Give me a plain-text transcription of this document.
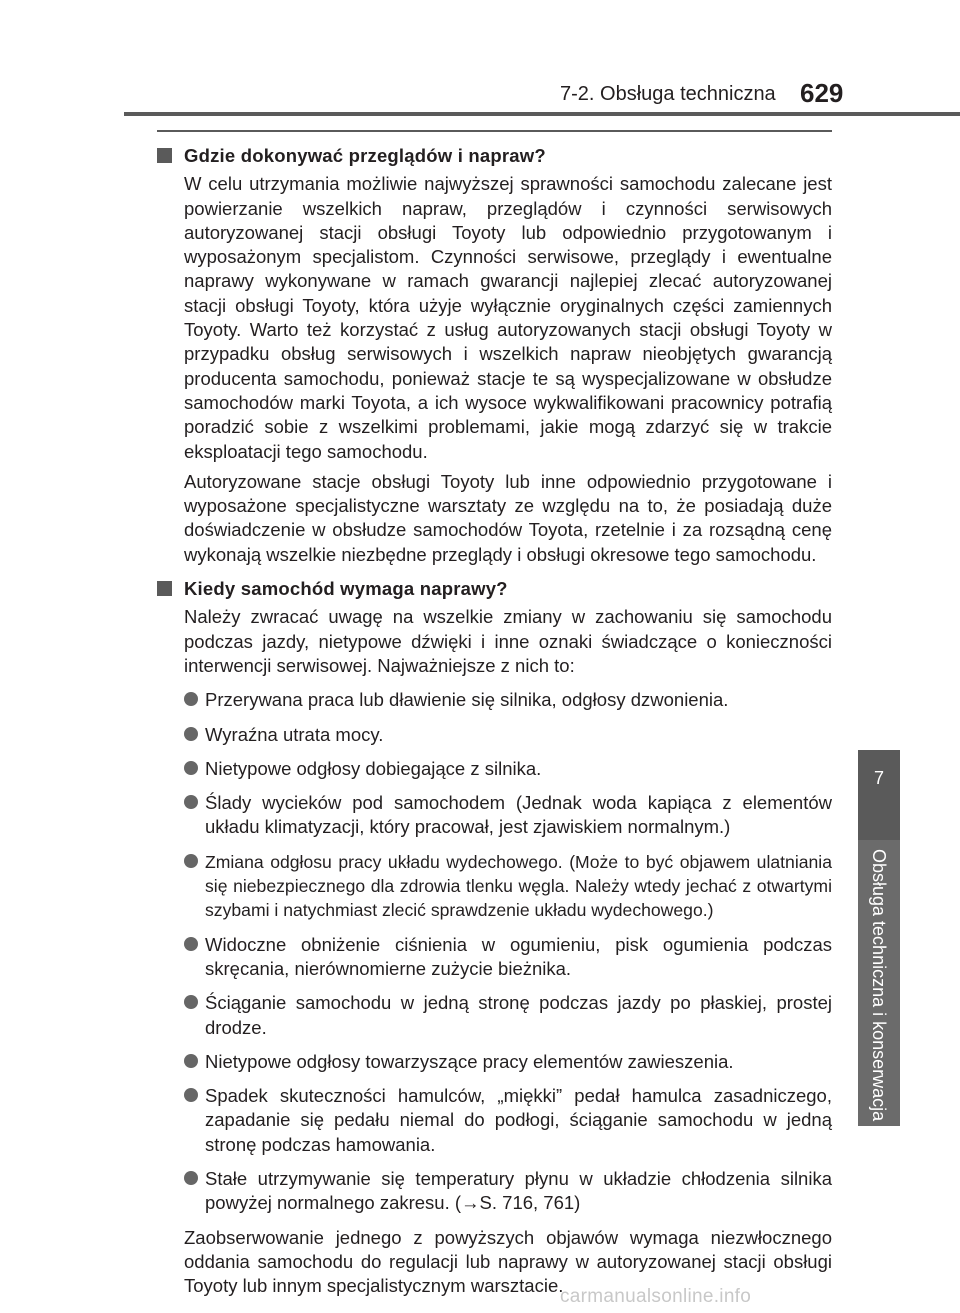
7-2. Obsługa techniczna 629
7
Obsługa techniczna i konserwacja
Gdzie dokonywać przeglądów i napraw?

W celu utrzymania możliwie najwyższej sprawności samochodu zalecane jest powierzanie wszelkich napraw, przeglądów i czynności serwisowych autoryzowanej stacji obsługi Toyoty lub odpowiednio przygotowanym i wyposażonym specjalistom. Czynności serwisowe, przeglądy i ewentualne naprawy wykonywane w ramach gwarancji najlepiej zlecać autoryzowanej stacji obsługi Toyoty, która użyje wyłącznie oryginalnych części zamiennych Toyoty. Warto też korzystać z usług autoryzowanych stacji obsługi Toyoty w przypadku obsług serwisowych i wszelkich napraw nieobjętych gwarancją producenta samochodu, ponieważ stacje te są wyspecjalizowane w obsłudze samochodów marki Toyota, a ich wysoce wykwalifikowani pracownicy potrafią poradzić sobie z wszelkimi problemami, jakie mogą zdarzyć się w trakcie eksploatacji tego samochodu.

Autoryzowane stacje obsługi Toyoty lub inne odpowiednio przygotowane i wyposażone specjalistyczne warsztaty ze względu na to, że posiadają duże doświadczenie w obsłudze samochodów Toyota, rzetelnie i za rozsądną cenę wykonają wszelkie niezbędne przeglądy i obsługi okresowe tego samochodu.

Kiedy samochód wymaga naprawy?

Należy zwracać uwagę na wszelkie zmiany w zachowaniu się samochodu podczas jazdy, nietypowe dźwięki i inne oznaki świadczące o konieczności interwencji serwisowej. Najważniejsze z nich to:

Przerywana praca lub dławienie się silnika, odgłosy dzwonienia.
Wyraźna utrata mocy.
Nietypowe odgłosy dobiegające z silnika.
Ślady wycieków pod samochodem (Jednak woda kapiąca z elementów układu klimatyzacji, który pracował, jest zjawiskiem normalnym.)
Zmiana odgłosu pracy układu wydechowego. (Może to być objawem ulatniania się niebezpiecznego dla zdrowia tlenku węgla. Należy wtedy jechać z otwartymi szybami i natychmiast zlecić sprawdzenie układu wydechowego.)
Widoczne obniżenie ciśnienia w ogumieniu, pisk ogumienia podczas skręcania, nierównomierne zużycie bieżnika.
Ściąganie samochodu w jedną stronę podczas jazdy po płaskiej, prostej drodze.
Nietypowe odgłosy towarzyszące pracy elementów zawieszenia.
Spadek skuteczności hamulców, „miękki” pedał hamulca zasadniczego, zapadanie się pedału niemal do podłogi, ściąganie samochodu w jedną stronę podczas hamowania.
Stałe utrzymywanie się temperatury płynu w układzie chłodzenia silnika powyżej normalnego zakresu. (→S. 716, 761)

Zaobserwowanie jednego z powyższych objawów wymaga niezwłocznego oddania samochodu do regulacji lub naprawy w autoryzowanej stacji obsługi Toyoty lub innym specjalistycznym warsztacie.

carmanualsonline.info
